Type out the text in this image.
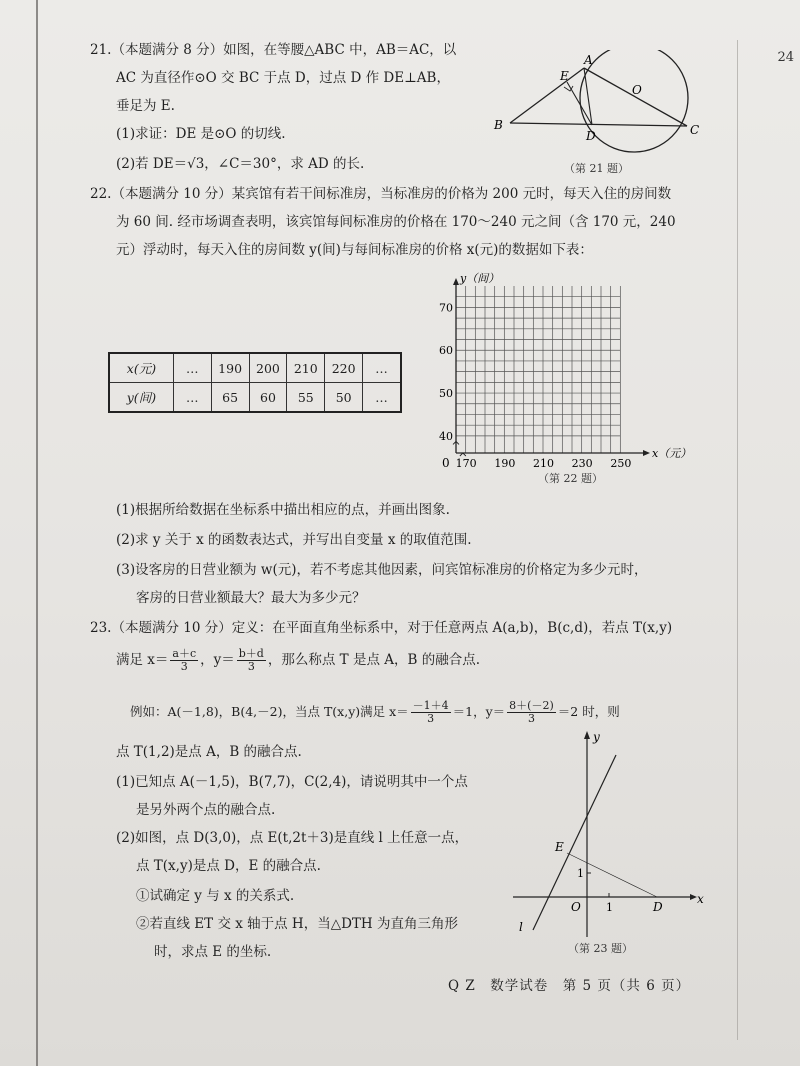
24
21.（本题满分 8 分）如图，在等腰△ABC 中，AB＝AC，以
AC 为直径作⊙O 交 BC 于点 D，过点 D 作 DE⊥AB，
垂足为 E.
(1)求证：DE 是⊙O 的切线.
(2)若 DE＝√3，∠C＝30°，求 AD 的长.
A
B	C
D
E
O
（第 21 题）
22.（本题满分 10 分）某宾馆有若干间标准房，当标准房的价格为 200 元时，每天入住的房间数
为 60 间. 经市场调查表明，该宾馆每间标准房的价格在 170～240 元之间（含 170 元，240
元）浮动时，每天入住的房间数 y(间)与每间标准房的价格 x(元)的数据如下表：
x(元)	…	190	200	210	220	…
y(间)	…	65	60	55	50	…
170 190 210 230 250
40
50
60
70
y（间）
x（元）
0
（第 22 题）
(1)根据所给数据在坐标系中描出相应的点，并画出图象.
(2)求 y 关于 x 的函数表达式，并写出自变量 x 的取值范围.
(3)设客房的日营业额为 w(元)，若不考虑其他因素，问宾馆标准房的价格定为多少元时，
客房的日营业额最大？最大为多少元？
23.（本题满分 10 分）定义：在平面直角坐标系中，对于任意两点 A(a,b)，B(c,d)，若点 T(x,y)
满足 $x= \frac{a+c}{3}$ ，$y= \frac{b+d}{3}$ ，那么称点 T 是点 A，B 的融合点.
例如：A(－1,8)，B(4,－2)，当点 T(x,y)满足 $x= \frac{-1+4}{3} =1$，$y= \frac{8+(-2)}{3} =2$ 时，则
点 T(1,2)是点 A，B 的融合点.
(1)已知点 A(－1,5)，B(7,7)，C(2,4)，请说明其中一个点
是另外两个点的融合点.
(2)如图，点 D(3,0)，点 E(t,2t＋3)是直线 l 上任意一点，
点 T(x,y)是点 D，E 的融合点.
①试确定 y 与 x 的关系式.
②若直线 ET 交 x 轴于点 H，当△DTH 为直角三角形
时，求点 E 的坐标.
x
y
O 1
1
D
E
l
（第 23 题）
Q Z　数学试卷　第 5 页（共 6 页）
